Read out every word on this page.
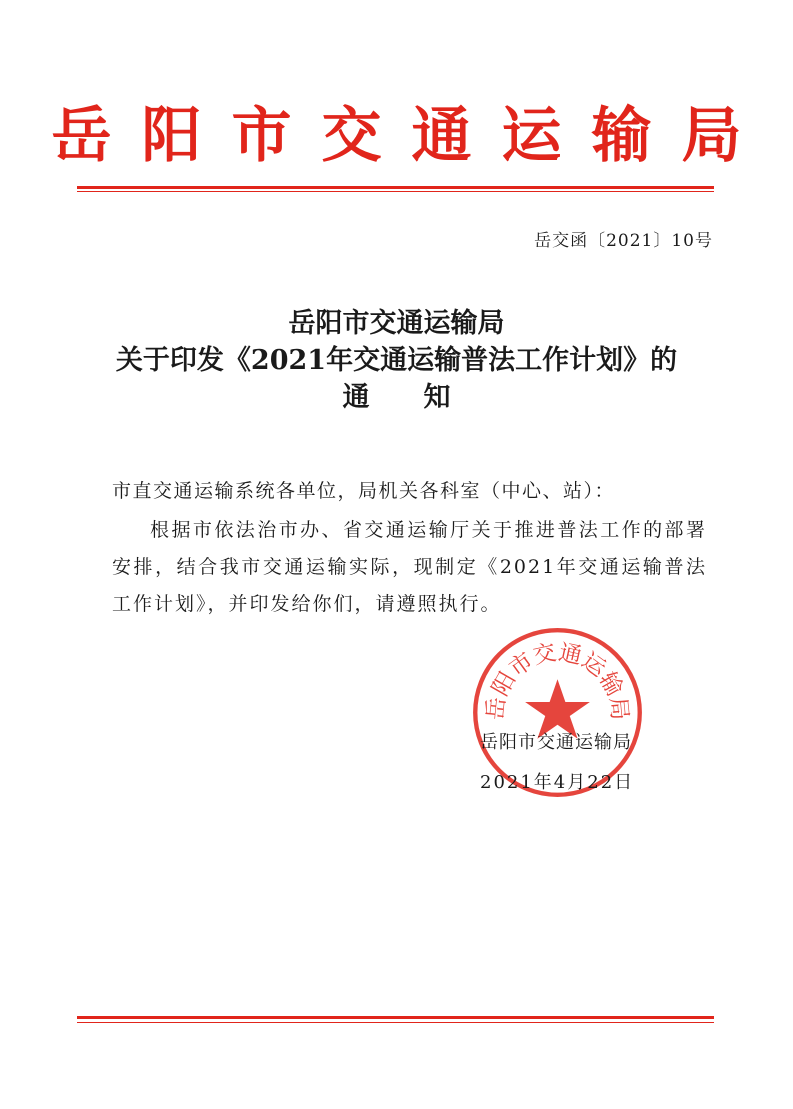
岳阳市交通运输局
岳交函〔2021〕10号
岳阳市交通运输局
关于印发《2021年交通运输普法工作计划》的
通　　知
市直交通运输系统各单位，局机关各科室（中心、站）：
根据市依法治市办、省交通运输厅关于推进普法工作的部署安排，结合我市交通运输实际，现制定《2021年交通运输普法工作计划》，并印发给你们，请遵照执行。
岳阳市交通运输局
岳阳市交通运输局
2021年4月22日
